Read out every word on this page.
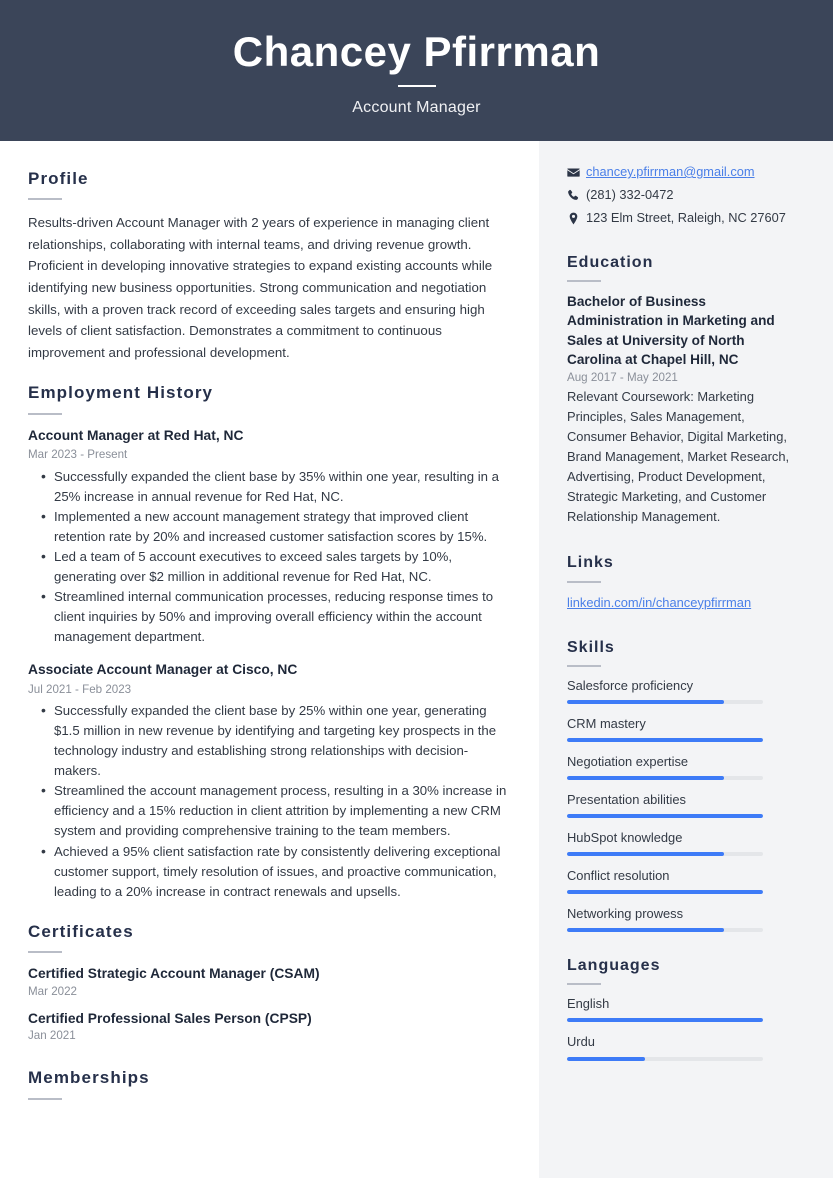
Chancey Pfirrman
Account Manager
Profile
Results-driven Account Manager with 2 years of experience in managing client relationships, collaborating with internal teams, and driving revenue growth. Proficient in developing innovative strategies to expand existing accounts while identifying new business opportunities. Strong communication and negotiation skills, with a proven track record of exceeding sales targets and ensuring high levels of client satisfaction. Demonstrates a commitment to continuous improvement and professional development.
Employment History
Account Manager at Red Hat, NC
Mar 2023 - Present
• Successfully expanded the client base by 35% within one year, resulting in a 25% increase in annual revenue for Red Hat, NC.
• Implemented a new account management strategy that improved client retention rate by 20% and increased customer satisfaction scores by 15%.
• Led a team of 5 account executives to exceed sales targets by 10%, generating over $2 million in additional revenue for Red Hat, NC.
• Streamlined internal communication processes, reducing response times to client inquiries by 50% and improving overall efficiency within the account management department.
Associate Account Manager at Cisco, NC
Jul 2021 - Feb 2023
• Successfully expanded the client base by 25% within one year, generating $1.5 million in new revenue by identifying and targeting key prospects in the technology industry and establishing strong relationships with decision-makers.
• Streamlined the account management process, resulting in a 30% increase in efficiency and a 15% reduction in client attrition by implementing a new CRM system and providing comprehensive training to the team members.
• Achieved a 95% client satisfaction rate by consistently delivering exceptional customer support, timely resolution of issues, and proactive communication, leading to a 20% increase in contract renewals and upsells.
Certificates
Certified Strategic Account Manager (CSAM)
Mar 2022
Certified Professional Sales Person (CPSP)
Jan 2021
Memberships
chancey.pfirrman@gmail.com
(281) 332-0472
123 Elm Street, Raleigh, NC 27607
Education
Bachelor of Business Administration in Marketing and Sales at University of North Carolina at Chapel Hill, NC
Aug 2017 - May 2021
Relevant Coursework: Marketing Principles, Sales Management, Consumer Behavior, Digital Marketing, Brand Management, Market Research, Advertising, Product Development, Strategic Marketing, and Customer Relationship Management.
Links
linkedin.com/in/chanceypfirrman
Skills
Salesforce proficiency
CRM mastery
Negotiation expertise
Presentation abilities
HubSpot knowledge
Conflict resolution
Networking prowess
Languages
English
Urdu
